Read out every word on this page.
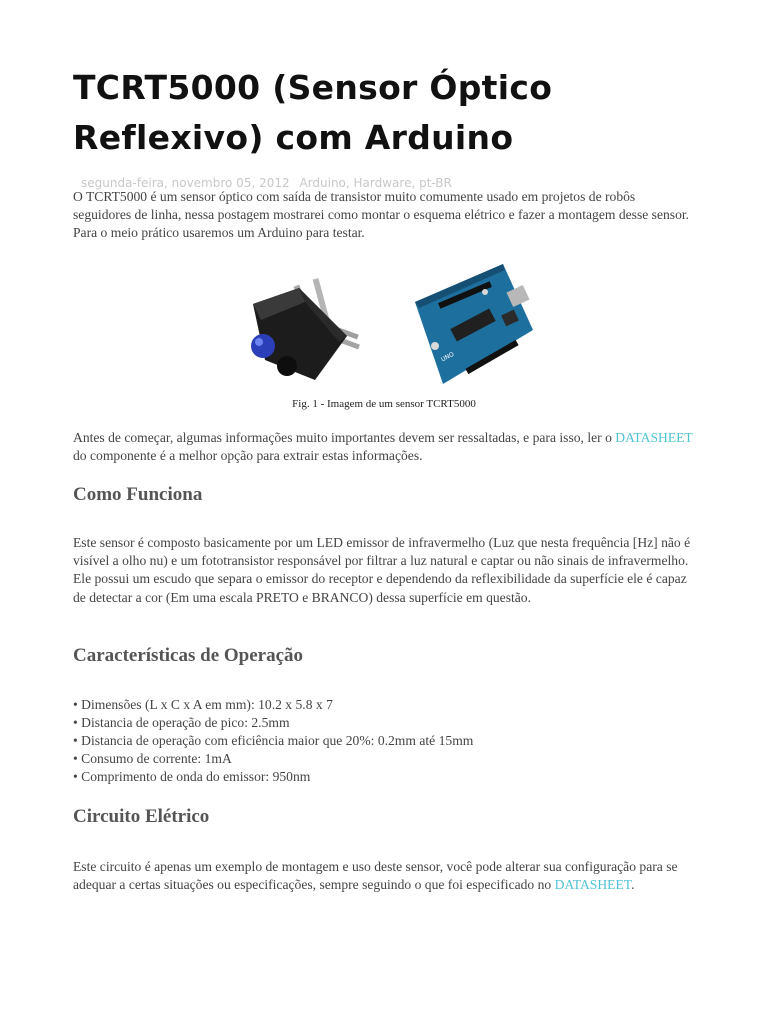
TCRT5000 (Sensor Óptico
Reflexivo) com Arduino
segunda-feira, novembro 05, 2012 Arduino, Hardware, pt-BR

O TCRT5000 é um sensor óptico com saída de transistor muito comumente usado em projetos de robôs seguidores de linha, nessa postagem mostrarei como montar o esquema elétrico e fazer a montagem desse sensor. Para o meio prático usaremos um Arduino para testar.

UNO
Fig. 1 - Imagem de um sensor TCRT5000

Antes de começar, algumas informações muito importantes devem ser ressaltadas, e para isso, ler o DATASHEET do componente é a melhor opção para extrair estas informações.

Como Funciona

Este sensor é composto basicamente por um LED emissor de infravermelho (Luz que nesta frequência [Hz] não é visível a olho nu) e um fototransistor responsável por filtrar a luz natural e captar ou não sinais de infravermelho. Ele possui um escudo que separa o emissor do receptor e dependendo da reflexibilidade da superfície ele é capaz de detectar a cor (Em uma escala PRETO e BRANCO) dessa superfície em questão.

Características de Operação
• Dimensões (L x C x A em mm): 10.2 x 5.8 x 7
• Distancia de operação de pico: 2.5mm
• Distancia de operação com eficiência maior que 20%: 0.2mm até 15mm
• Consumo de corrente: 1mA
• Comprimento de onda do emissor: 950nm
Circuito Elétrico

Este circuito é apenas um exemplo de montagem e uso deste sensor, você pode alterar sua configuração para se adequar a certas situações ou especificações, sempre seguindo o que foi especificado no DATASHEET.
